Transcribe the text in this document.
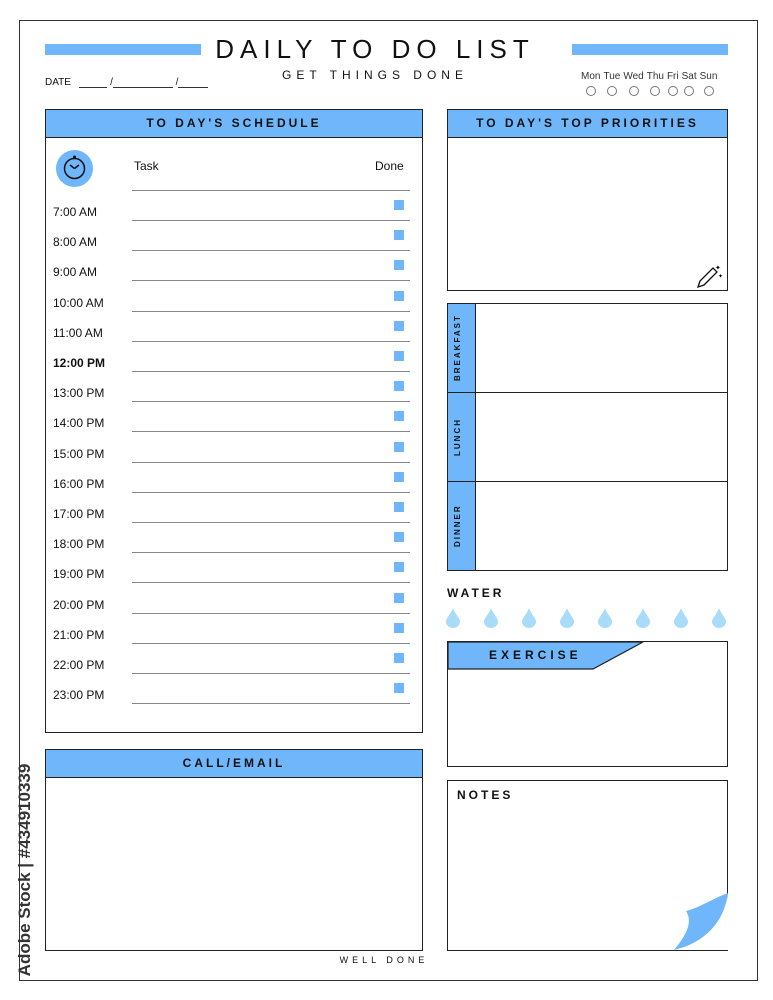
DAILY TO DO LIST
GET THINGS DONE
DATE	/	/
Mon Tue Wed Thu Fri Sat Sun
TO DAY'S SCHEDULE
Task	Done
7:00 AM
8:00 AM
9:00 AM
10:00 AM
11:00 AM
12:00 PM
13:00 PM
14:00 PM
15:00 PM
16:00 PM
17:00 PM
18:00 PM
19:00 PM
20:00 PM
21:00 PM
22:00 PM
23:00 PM
TO DAY'S TOP PRIORITIES
✦
✦
BREAKFAST
LUNCH
DINNER
WATER
EXERCISE
NOTES
CALL/EMAIL
WELL DONE
Adobe Stock | #434910339
